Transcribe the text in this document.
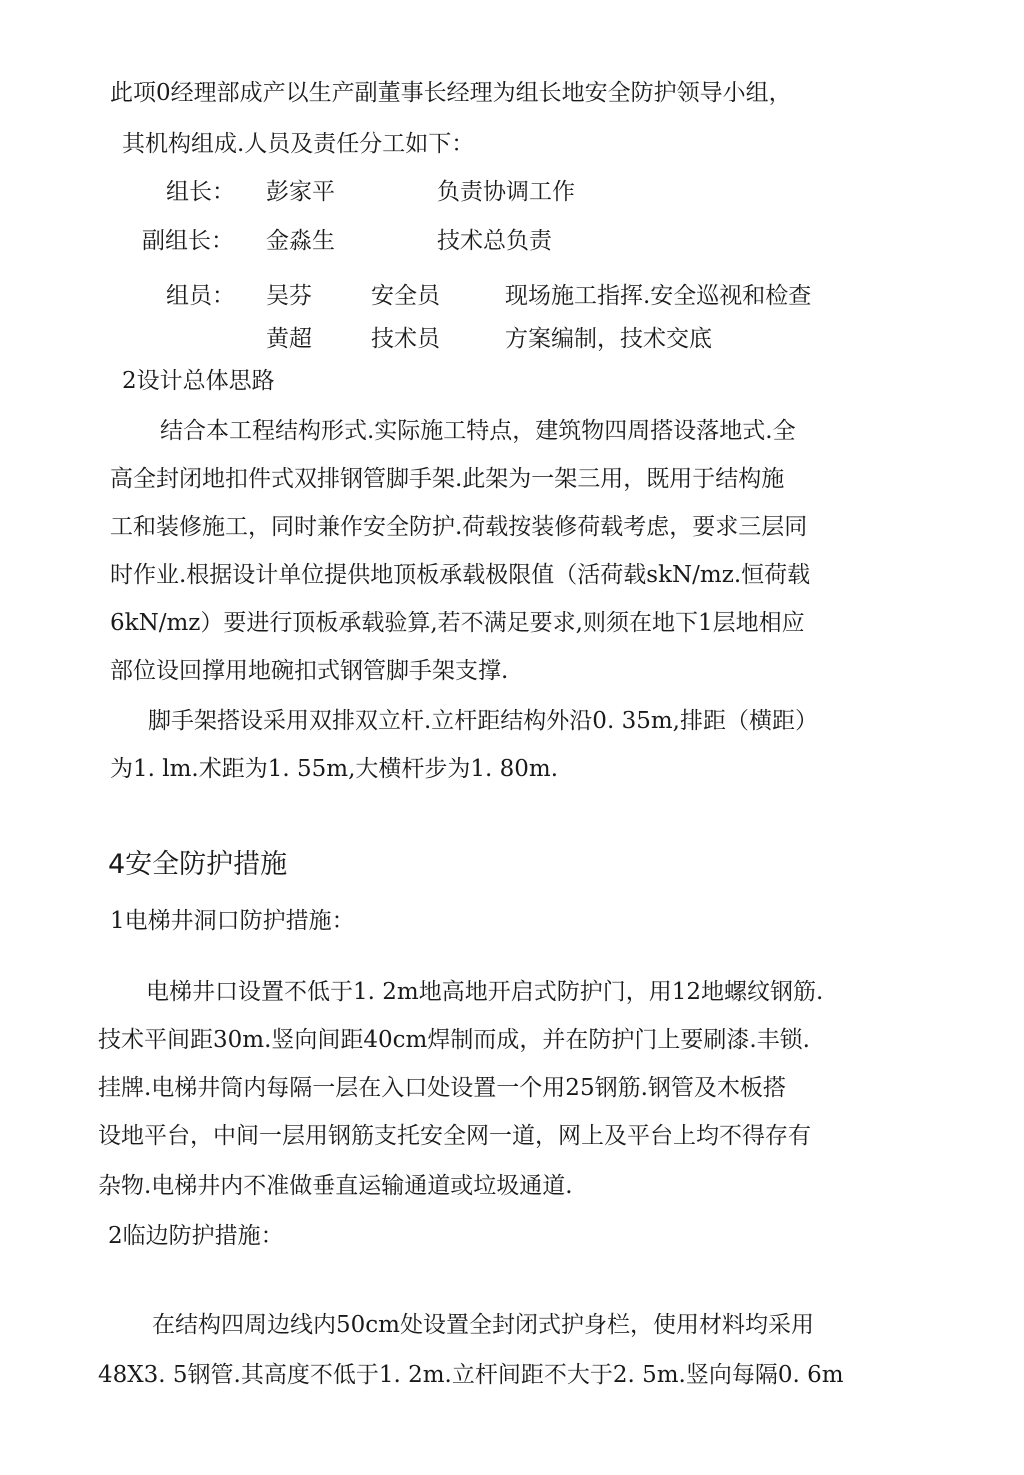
此项0经理部成产以生产副董事长经理为组长地安全防护领导小组，
其机构组成.人员及责任分工如下：
组长： 彭家平	负责协调工作
副组长： 金淼生	技术总负责
组员： 吴芬	安全员	现场施工指挥.安全巡视和检查
黄超	技术员	方案编制，技术交底
2设计总体思路
结合本工程结构形式.实际施工特点，建筑物四周搭设落地式.全
高全封闭地扣件式双排钢管脚手架.此架为一架三用，既用于结构施
工和装修施工，同时兼作安全防护.荷载按装修荷载考虑，要求三层同
时作业.根据设计单位提供地顶板承载极限值（活荷载skN/mz.恒荷载
6kN/mz）要进行顶板承载验算,若不满足要求,则须在地下1层地相应
部位设回撑用地碗扣式钢管脚手架支撑.
脚手架搭设采用双排双立杆.立杆距结构外沿0. 35m,排距（横距）
为1. lm.术距为1. 55m,大横杆步为1. 80m.
4安全防护措施
1电梯井洞口防护措施：
电梯井口设置不低于1. 2m地高地开启式防护门，用12地螺纹钢筋.
技术平间距30m.竖向间距40cm焊制而成，并在防护门上要刷漆.丰锁.
挂牌.电梯井筒内每隔一层在入口处设置一个用25钢筋.钢管及木板搭
设地平台，中间一层用钢筋支托安全网一道，网上及平台上均不得存有
杂物.电梯井内不准做垂直运输通道或垃圾通道.
2临边防护措施：
在结构四周边线内50cm处设置全封闭式护身栏，使用材料均采用
48X3. 5钢管.其高度不低于1. 2m.立杆间距不大于2. 5m.竖向每隔0. 6m
